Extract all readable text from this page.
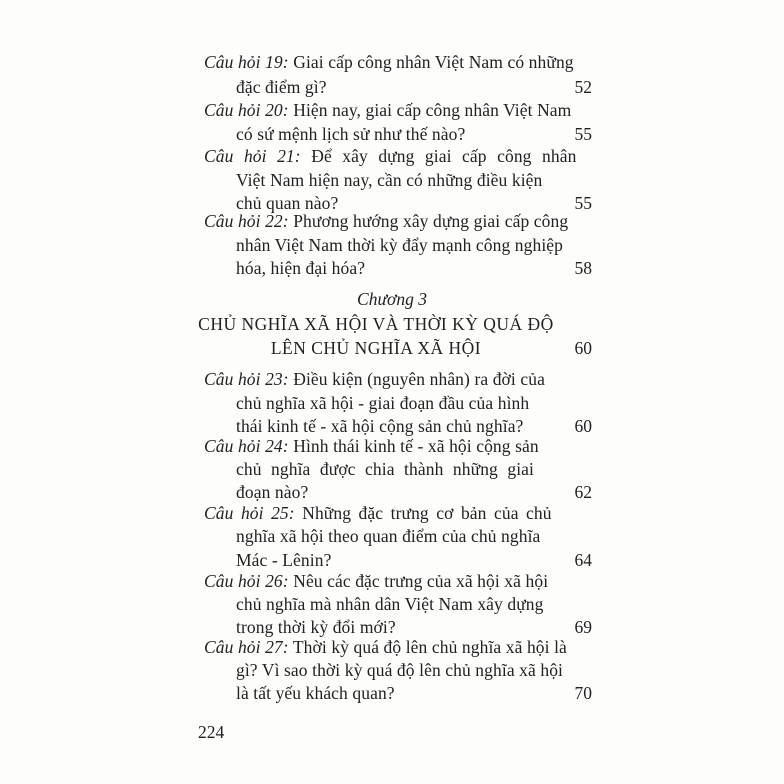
Câu hỏi 19: Giai cấp công nhân Việt Nam có những
đặc điểm gì?	52
Câu hỏi 20: Hiện nay, giai cấp công nhân Việt Nam
có sứ mệnh lịch sử như thế nào?	55
Câu hỏi 21: Để xây dựng giai cấp công nhân
Việt Nam hiện nay, cần có những điều kiện
chủ quan nào?	55
Câu hỏi 22: Phương hướng xây dựng giai cấp công
nhân Việt Nam thời kỳ đẩy mạnh công nghiệp
hóa, hiện đại hóa?	58
Chương 3
CHỦ NGHĨA XÃ HỘI VÀ THỜI KỲ QUÁ ĐỘ
LÊN CHỦ NGHĨA XÃ HỘI	60
Câu hỏi 23: Điều kiện (nguyên nhân) ra đời của
chủ nghĩa xã hội - giai đoạn đầu của hình
thái kinh tế - xã hội cộng sản chủ nghĩa?	60
Câu hỏi 24: Hình thái kinh tế - xã hội cộng sản
chủ nghĩa được chia thành những giai
đoạn nào?	62
Câu hỏi 25: Những đặc trưng cơ bản của chủ
nghĩa xã hội theo quan điểm của chủ nghĩa
Mác - Lênin?	64
Câu hỏi 26: Nêu các đặc trưng của xã hội xã hội
chủ nghĩa mà nhân dân Việt Nam xây dựng
trong thời kỳ đổi mới?	69
Câu hỏi 27: Thời kỳ quá độ lên chủ nghĩa xã hội là
gì? Vì sao thời kỳ quá độ lên chủ nghĩa xã hội
là tất yếu khách quan?	70
224
